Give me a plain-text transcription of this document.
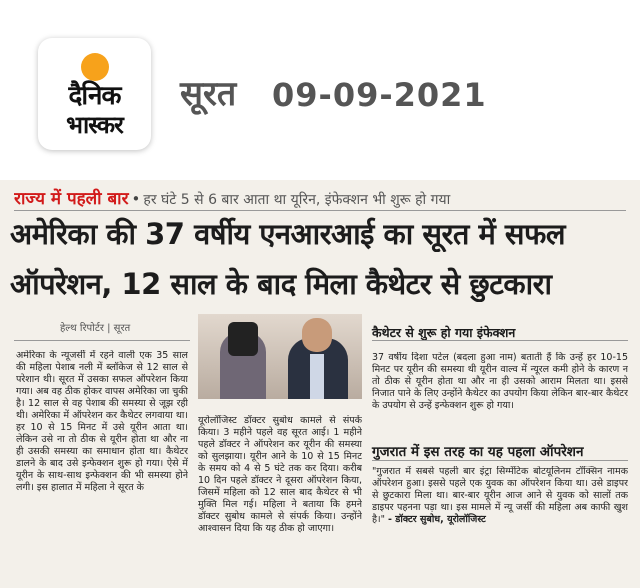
दैनिक
भास्कर
सूरत 09-09-2021
राज्य में पहली बार • हर घंटे 5 से 6 बार आता था यूरिन, इंफेक्शन भी शुरू हो गया
अमेरिका की 37 वर्षीय एनआरआई का सूरत में सफल
ऑपरेशन, 12 साल के बाद मिला कैथेटर से छुटकारा
हेल्थ रिपोर्टर | सूरत
अमेरिका के न्यूजर्सी में रहने वाली एक 35 साल की महिला पेशाब नली में ब्लॉकेज से 12 साल से परेशान थी। सूरत में उसका सफल ऑपरेशन किया गया। अब वह ठीक होकर वापस अमेरिका जा चुकी है। 12 साल से वह पेशाब की समस्या से जूझ रही थी। अमेरिका में ऑपरेशन कर कैथेटर लगवाया था। हर 10 से 15 मिनट में उसे यूरीन आता था। लेकिन उसे ना तो ठीक से यूरीन होता था और ना ही उसकी समस्या का समाधान होता था। कैथेटर डालने के बाद उसे इन्फेक्शन शुरू हो गया। ऐसे में यूरीन के साथ-साथ इन्फेक्शन की भी समस्या होने लगी। इस हालात में महिला ने सूरत के
यूरोलॉजिस्ट डॉक्टर सुबोध कामले से संपर्क किया। 3 महीने पहले वह सूरत आई। 1 महीने पहले डॉक्टर ने ऑपरेशन कर यूरीन की समस्या को सुलझाया। यूरीन आने के 10 से 15 मिनट के समय को 4 से 5 घंटे तक कर दिया। करीब 10 दिन पहले डॉक्टर ने दूसरा ऑपरेशन किया, जिसमें महिला को 12 साल बाद कैथेटर से भी मुक्ति मिल गई। महिला ने बताया कि हमने डॉक्टर सुबोध कामले से संपर्क किया। उन्होंने आश्वासन दिया कि यह ठीक हो जाएगा।
कैथेटर से शुरू हो गया इंफेक्शन
37 वर्षीय दिशा पटेल (बदला हुआ नाम) बताती हैं कि उन्हें हर 10-15 मिनट पर यूरीन की समस्या थी यूरीन वाल्व में न्यूरल कमी होने के कारण न तो ठीक से यूरीन होता था और ना ही उसको आराम मिलता था। इससे निजात पाने के लिए उन्होंने कैथेटर का उपयोग किया लेकिन बार-बार कैथेटर के उपयोग से उन्हें इन्फेक्शन शुरू हो गया।
गुजरात में इस तरह का यह पहला ऑपरेशन
"गुजरात में सबसे पहली बार इंट्रा सिग्मेंटिक बोटयूलिनम टॉक्सिन नामक ऑपरेशन हुआ। इससे पहले एक युवक का ऑपरेशन किया था। उसे डाइपर से छुटकारा मिला था। बार-बार यूरीन आज आने से युवक को सालों तक डाइपर पहनना पड़ा था। इस मामले में न्यू जर्सी की महिला अब काफी खुश है।" - डॉक्टर सुबोध, यूरोलॉजिस्ट
